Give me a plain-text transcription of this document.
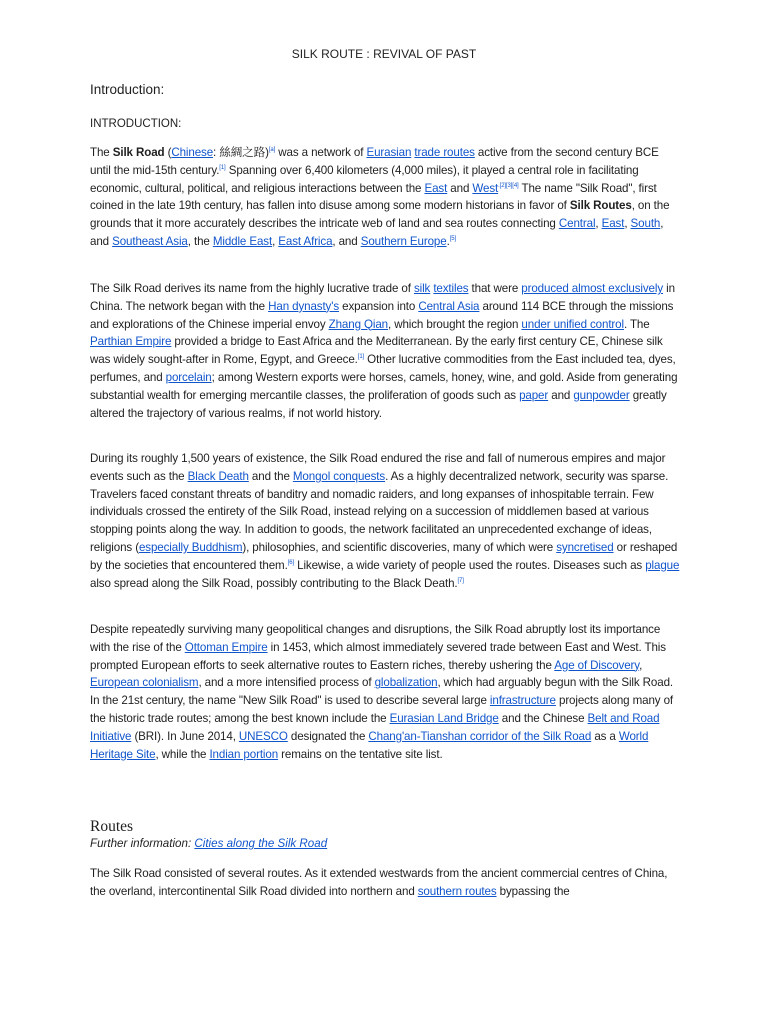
SILK ROUTE : REVIVAL OF PAST
Introduction:
INTRODUCTION:

The Silk Road (Chinese: 絲綢之路)[a] was a network of Eurasian trade routes active from the second century BCE until the mid-15th century.[1] Spanning over 6,400 kilometers (4,000 miles), it played a central role in facilitating economic, cultural, political, and religious interactions between the East and West$^{.[2][3][4]}$ The name "Silk Road", first coined in the late 19th century, has fallen into disuse among some modern historians in favor of Silk Routes, on the grounds that it more accurately describes the intricate web of land and sea routes connecting Central, East, South, and Southeast Asia, the Middle East, East Africa, and Southern Europe.[5]

The Silk Road derives its name from the highly lucrative trade of silk textiles that were produced almost exclusively in China. The network began with the Han dynasty's expansion into Central Asia around 114 BCE through the missions and explorations of the Chinese imperial envoy Zhang Qian, which brought the region under unified control. The Parthian Empire provided a bridge to East Africa and the Mediterranean. By the early first century CE, Chinese silk was widely sought-after in Rome, Egypt, and Greece.[1] Other lucrative commodities from the East included tea, dyes, perfumes, and porcelain; among Western exports were horses, camels, honey, wine, and gold. Aside from generating substantial wealth for emerging mercantile classes, the proliferation of goods such as paper and gunpowder greatly altered the trajectory of various realms, if not world history.

During its roughly 1,500 years of existence, the Silk Road endured the rise and fall of numerous empires and major events such as the Black Death and the Mongol conquests. As a highly decentralized network, security was sparse. Travelers faced constant threats of banditry and nomadic raiders, and long expanses of inhospitable terrain. Few individuals crossed the entirety of the Silk Road, instead relying on a succession of middlemen based at various stopping points along the way. In addition to goods, the network facilitated an unprecedented exchange of ideas, religions (especially Buddhism), philosophies, and scientific discoveries, many of which were syncretised or reshaped by the societies that encountered them.[6] Likewise, a wide variety of people used the routes. Diseases such as plague also spread along the Silk Road, possibly contributing to the Black Death.[7]

Despite repeatedly surviving many geopolitical changes and disruptions, the Silk Road abruptly lost its importance with the rise of the Ottoman Empire in 1453, which almost immediately severed trade between East and West. This prompted European efforts to seek alternative routes to Eastern riches, thereby ushering the Age of Discovery, European colonialism, and a more intensified process of globalization, which had arguably begun with the Silk Road. In the 21st century, the name "New Silk Road" is used to describe several large infrastructure projects along many of the historic trade routes; among the best known include the Eurasian Land Bridge and the Chinese Belt and Road Initiative (BRI). In June 2014, UNESCO designated the Chang'an-Tianshan corridor of the Silk Road as a World Heritage Site, while the Indian portion remains on the tentative site list.

Routes
Further information: Cities along the Silk Road

The Silk Road consisted of several routes. As it extended westwards from the ancient commercial centres of China, the overland, intercontinental Silk Road divided into northern and southern routes bypassing the
